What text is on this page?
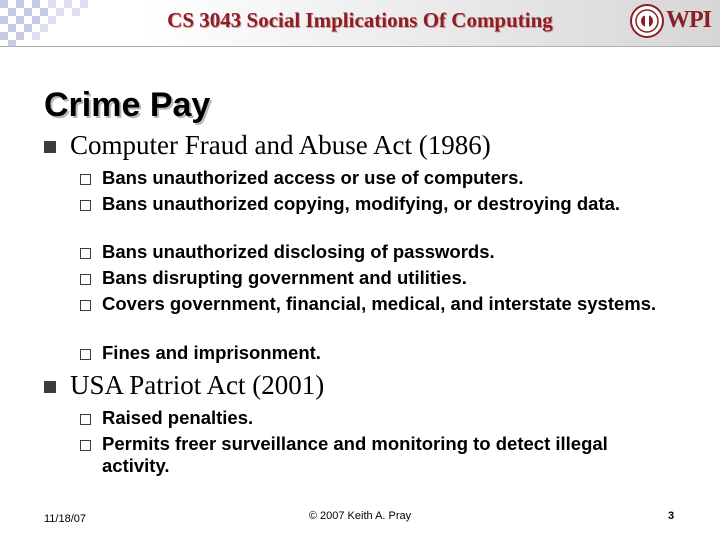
CS 3043 Social Implications Of Computing	WPI
Crime Pay
Computer Fraud and Abuse Act (1986)
Bans unauthorized access or use of computers.
Bans unauthorized copying, modifying, or destroying data.
Bans unauthorized disclosing of passwords.
Bans disrupting government and utilities.
Covers government, financial, medical, and interstate systems.
Fines and imprisonment.
USA Patriot Act (2001)
Raised penalties.
Permits freer surveillance and monitoring to detect illegal activity.
11/18/07	© 2007 Keith A. Pray	3
